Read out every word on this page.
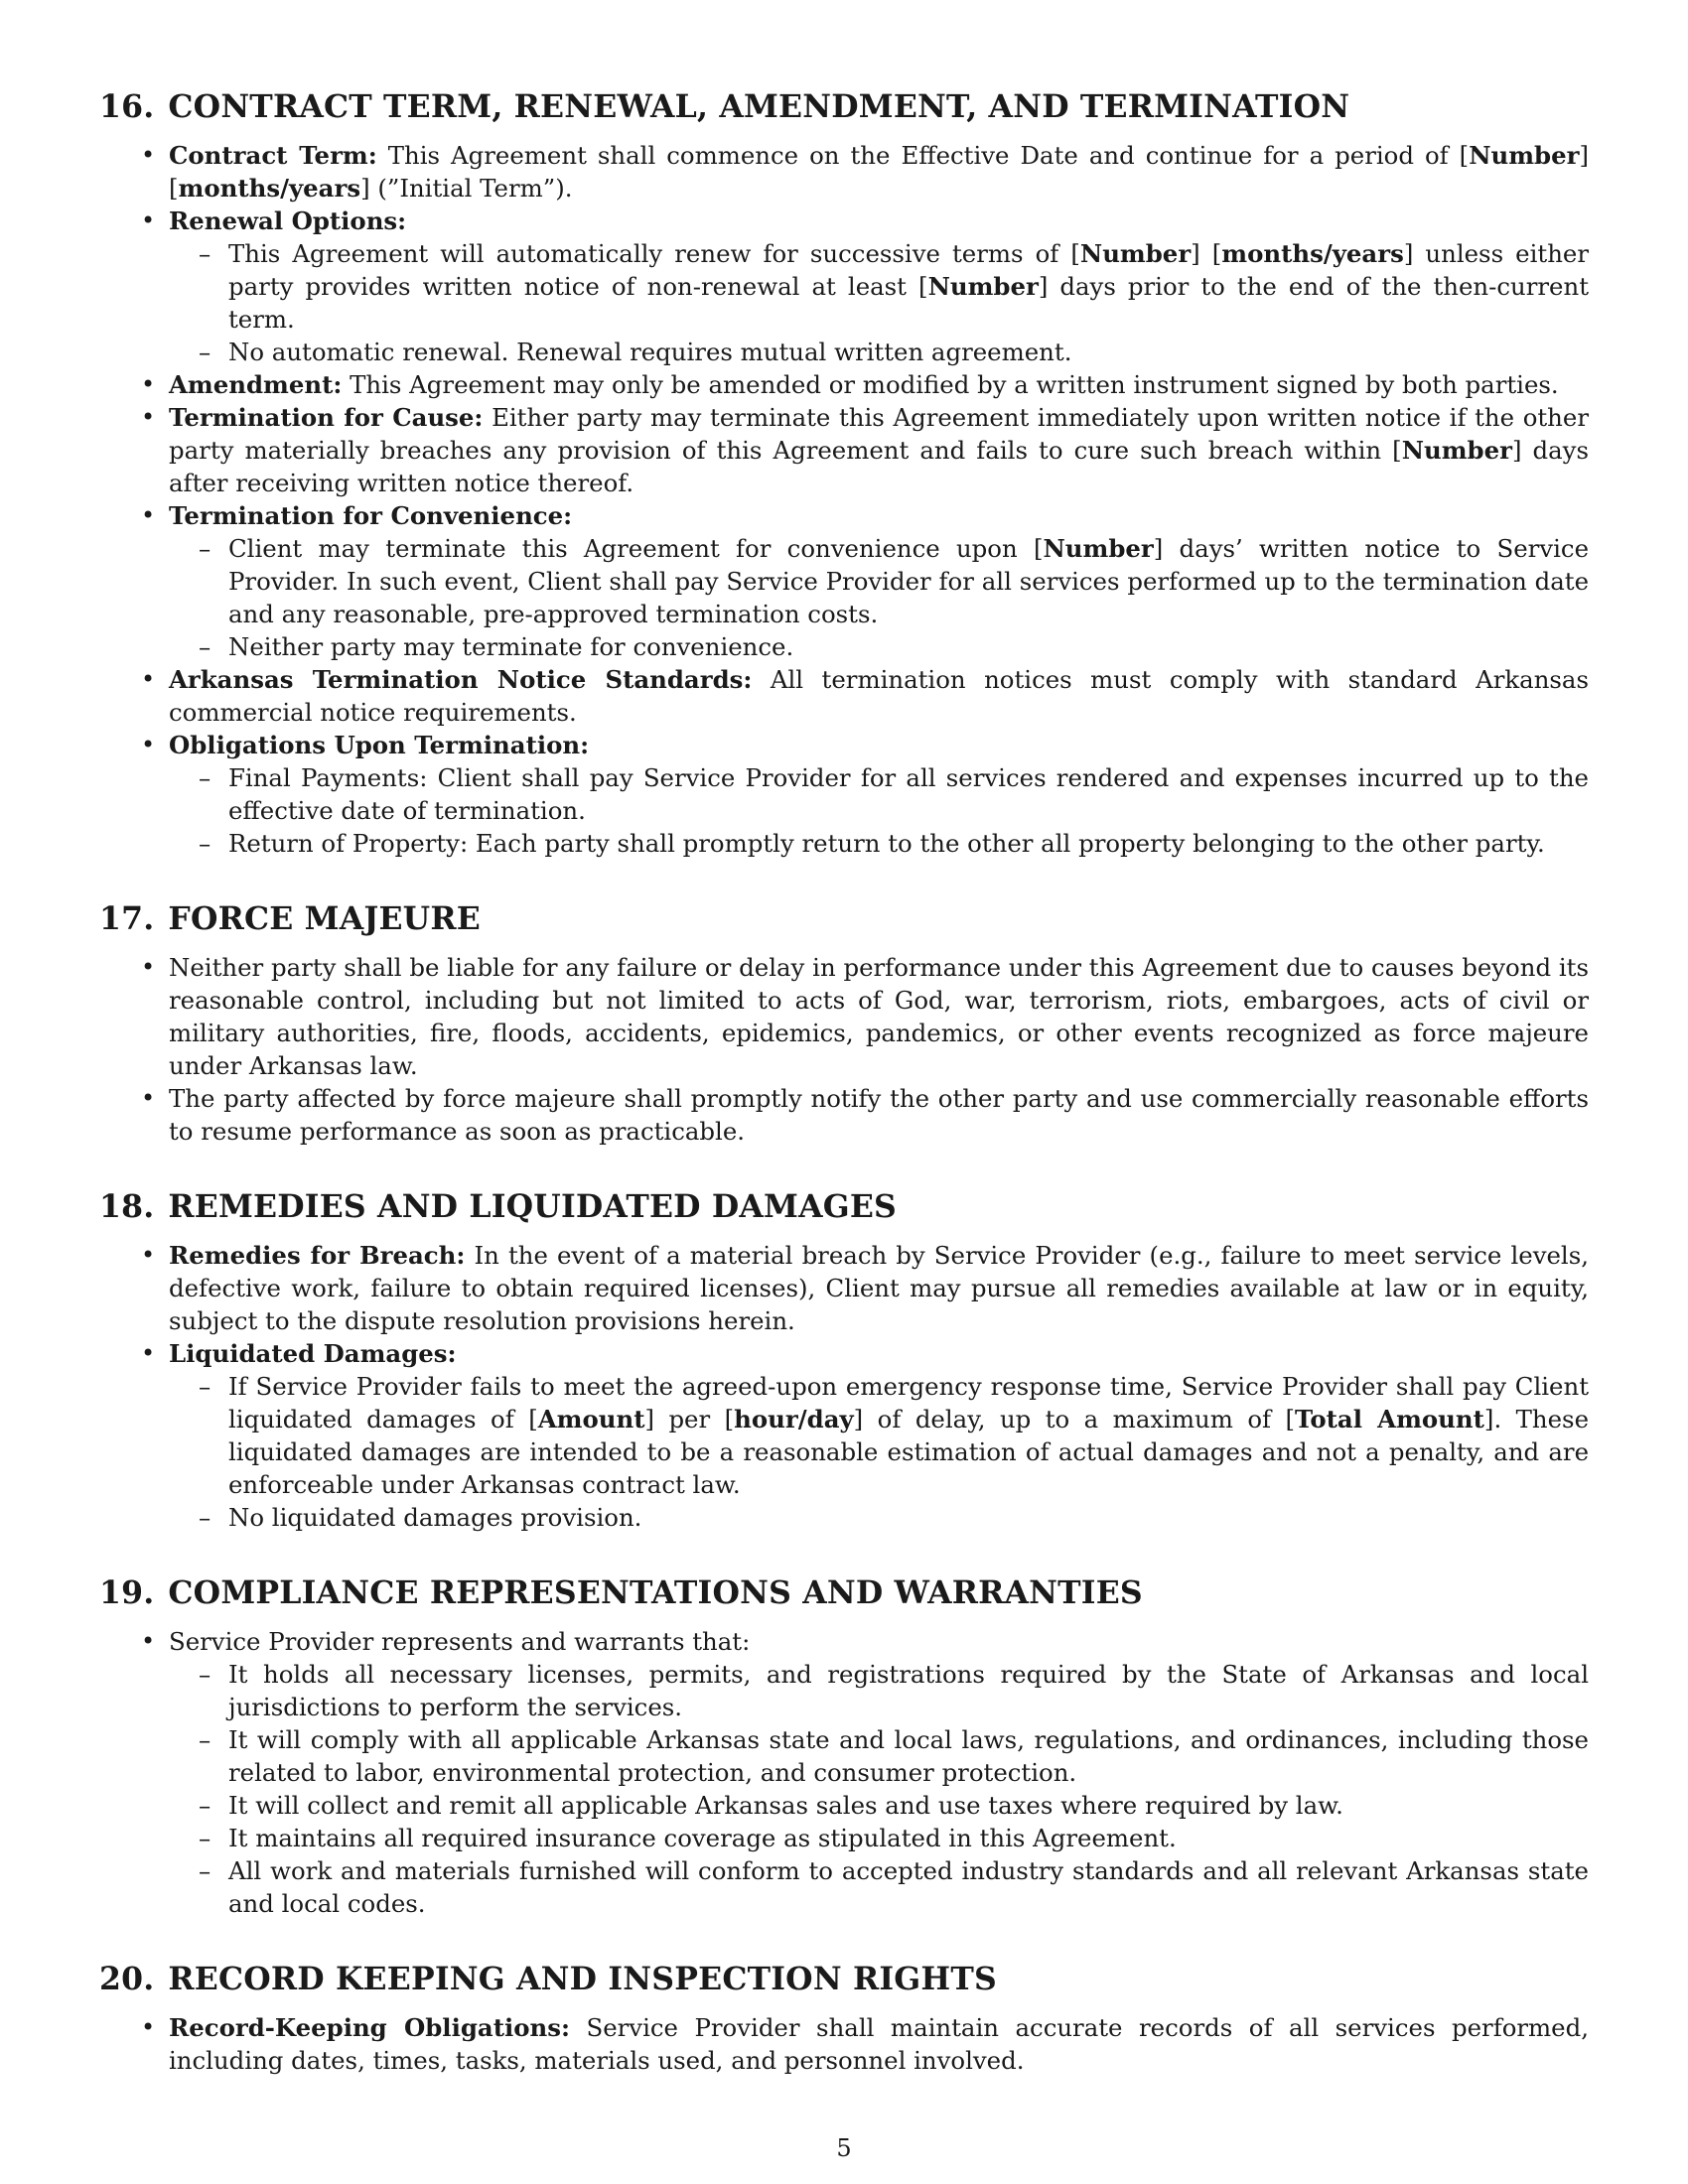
16. CONTRACT TERM, RENEWAL, AMENDMENT, AND TERMINATION
• Contract Term: This Agreement shall commence on the Effective Date and continue for a period of [Number] [months/years] (”Initial Term”).
• Renewal Options:
– This Agreement will automatically renew for successive terms of [Number] [months/years] unless either party provides written notice of non-renewal at least [Number] days prior to the end of the then-current term.
– No automatic renewal. Renewal requires mutual written agreement.
• Amendment: This Agreement may only be amended or modified by a written instrument signed by both parties.
• Termination for Cause: Either party may terminate this Agreement immediately upon written notice if the other party materially breaches any provision of this Agreement and fails to cure such breach within [Number] days after receiving written notice thereof.
• Termination for Convenience:
– Client may terminate this Agreement for convenience upon [Number] days’ written notice to Service Provider. In such event, Client shall pay Service Provider for all services performed up to the termination date and any reasonable, pre-approved termination costs.
– Neither party may terminate for convenience.
• Arkansas Termination Notice Standards: All termination notices must comply with standard Arkansas commercial notice requirements.
• Obligations Upon Termination:
– Final Payments: Client shall pay Service Provider for all services rendered and expenses incurred up to the effective date of termination.
– Return of Property: Each party shall promptly return to the other all property belonging to the other party.
17. FORCE MAJEURE
• Neither party shall be liable for any failure or delay in performance under this Agreement due to causes beyond its reasonable control, including but not limited to acts of God, war, terrorism, riots, embargoes, acts of civil or military authorities, fire, floods, accidents, epidemics, pandemics, or other events recognized as force majeure under Arkansas law.
• The party affected by force majeure shall promptly notify the other party and use commercially reasonable efforts to resume performance as soon as practicable.
18. REMEDIES AND LIQUIDATED DAMAGES
• Remedies for Breach: In the event of a material breach by Service Provider (e.g., failure to meet service levels, defective work, failure to obtain required licenses), Client may pursue all remedies available at law or in equity, subject to the dispute resolution provisions herein.
• Liquidated Damages:
– If Service Provider fails to meet the agreed-upon emergency response time, Service Provider shall pay Client liquidated damages of [Amount] per [hour/day] of delay, up to a maximum of [Total Amount]. These liquidated damages are intended to be a reasonable estimation of actual damages and not a penalty, and are enforceable under Arkansas contract law.
– No liquidated damages provision.
19. COMPLIANCE REPRESENTATIONS AND WARRANTIES
• Service Provider represents and warrants that:
– It holds all necessary licenses, permits, and registrations required by the State of Arkansas and local jurisdictions to perform the services.
– It will comply with all applicable Arkansas state and local laws, regulations, and ordinances, including those related to labor, environmental protection, and consumer protection.
– It will collect and remit all applicable Arkansas sales and use taxes where required by law.
– It maintains all required insurance coverage as stipulated in this Agreement.
– All work and materials furnished will conform to accepted industry standards and all relevant Arkansas state and local codes.
20. RECORD KEEPING AND INSPECTION RIGHTS
• Record-Keeping Obligations: Service Provider shall maintain accurate records of all services performed, including dates, times, tasks, materials used, and personnel involved.
5
